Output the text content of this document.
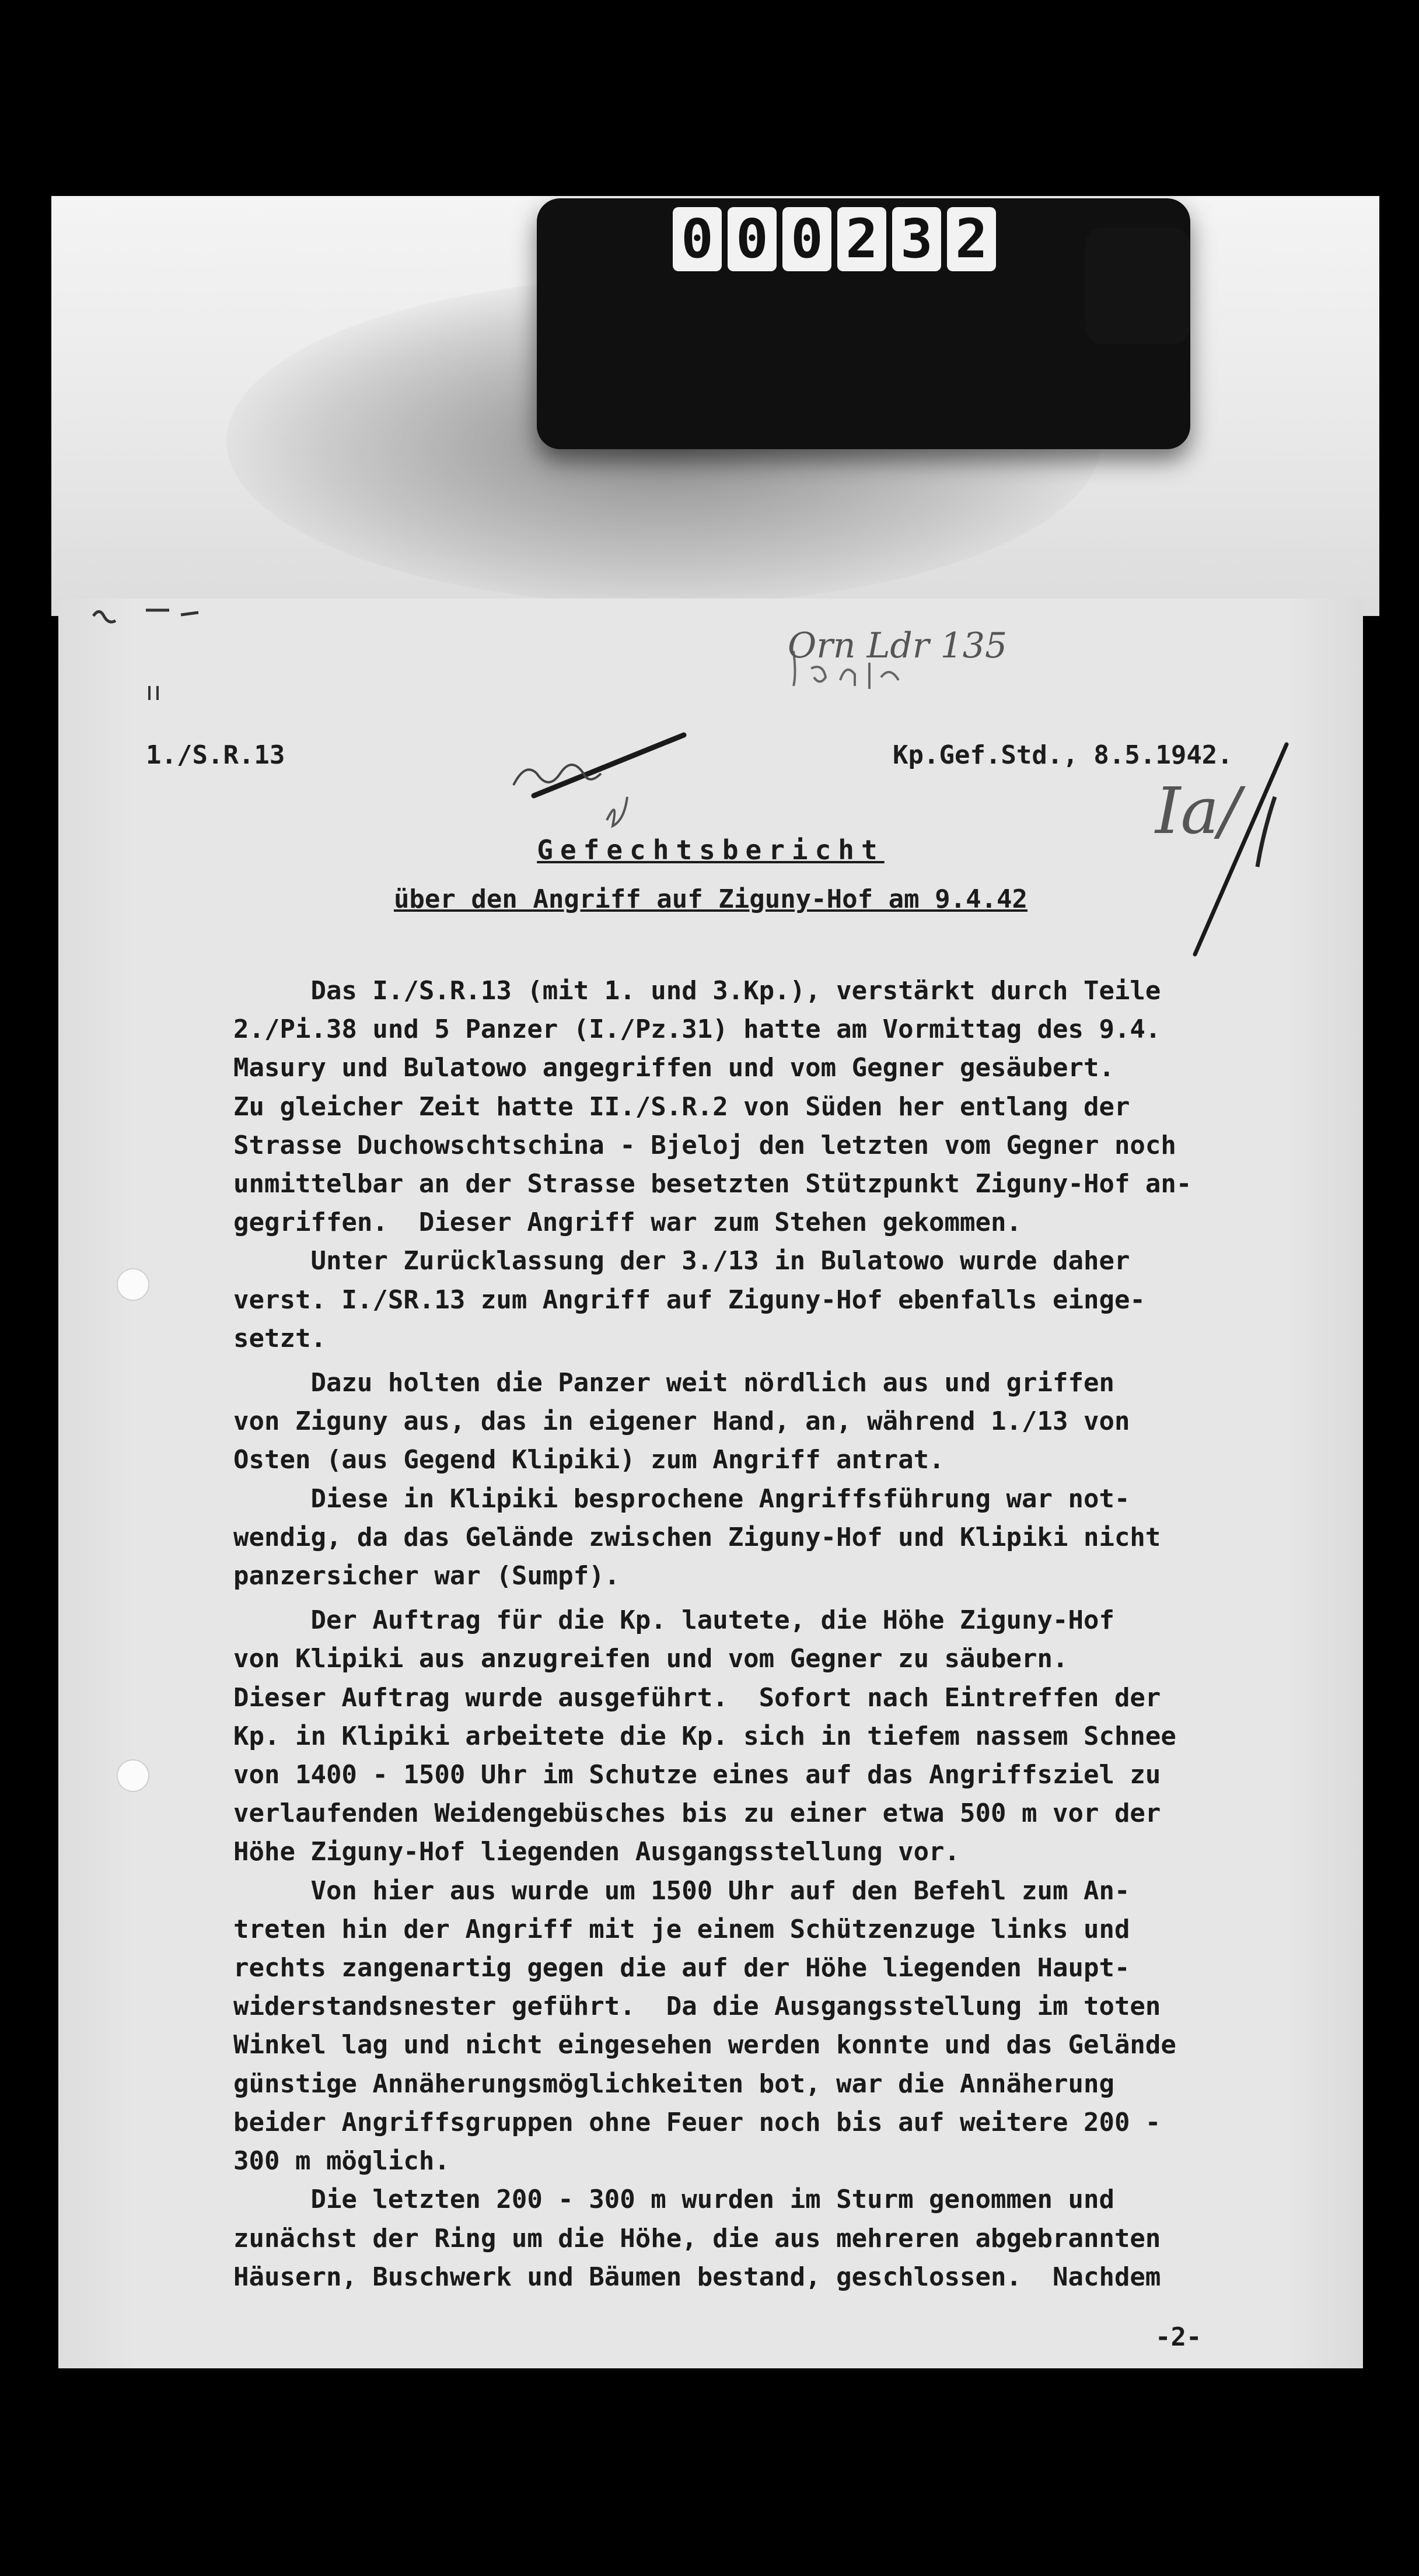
0 0 0 2 3 2
Orn Ldr 135
Ia/
1./S.R.13	Kp.Gef.Std., 8.5.1942.
Gefechtsbericht
über den Angriff auf Ziguny-Hof am 9.4.42
Das I./S.R.13 (mit 1. und 3.Kp.), verstärkt durch Teile
2./Pi.38 und 5 Panzer (I./Pz.31) hatte am Vormittag des 9.4.
Masury und Bulatowo angegriffen und vom Gegner gesäubert.
Zu gleicher Zeit hatte II./S.R.2 von Süden her entlang der
Strasse Duchowschtschina - Bjeloj den letzten vom Gegner noch
unmittelbar an der Strasse besetzten Stützpunkt Ziguny-Hof an-
gegriffen.  Dieser Angriff war zum Stehen gekommen.
Unter Zurücklassung der 3./13 in Bulatowo wurde daher
verst. I./SR.13 zum Angriff auf Ziguny-Hof ebenfalls einge-
setzt.
Dazu holten die Panzer weit nördlich aus und griffen
von Ziguny aus, das in eigener Hand, an, während 1./13 von
Osten (aus Gegend Klipiki) zum Angriff antrat.
Diese in Klipiki besprochene Angriffsführung war not-
wendig, da das Gelände zwischen Ziguny-Hof und Klipiki nicht
panzersicher war (Sumpf).
Der Auftrag für die Kp. lautete, die Höhe Ziguny-Hof
von Klipiki aus anzugreifen und vom Gegner zu säubern.
Dieser Auftrag wurde ausgeführt.  Sofort nach Eintreffen der
Kp. in Klipiki arbeitete die Kp. sich in tiefem nassem Schnee
von 1400 - 1500 Uhr im Schutze eines auf das Angriffsziel zu
verlaufenden Weidengebüsches bis zu einer etwa 500 m vor der
Höhe Ziguny-Hof liegenden Ausgangsstellung vor.
Von hier aus wurde um 1500 Uhr auf den Befehl zum An-
treten hin der Angriff mit je einem Schützenzuge links und
rechts zangenartig gegen die auf der Höhe liegenden Haupt-
widerstandsnester geführt.  Da die Ausgangsstellung im toten
Winkel lag und nicht eingesehen werden konnte und das Gelände
günstige Annäherungsmöglichkeiten bot, war die Annäherung
beider Angriffsgruppen ohne Feuer noch bis auf weitere 200 -
300 m möglich.
Die letzten 200 - 300 m wurden im Sturm genommen und
zunächst der Ring um die Höhe, die aus mehreren abgebrannten
Häusern, Buschwerk und Bäumen bestand, geschlossen.  Nachdem
-2-
